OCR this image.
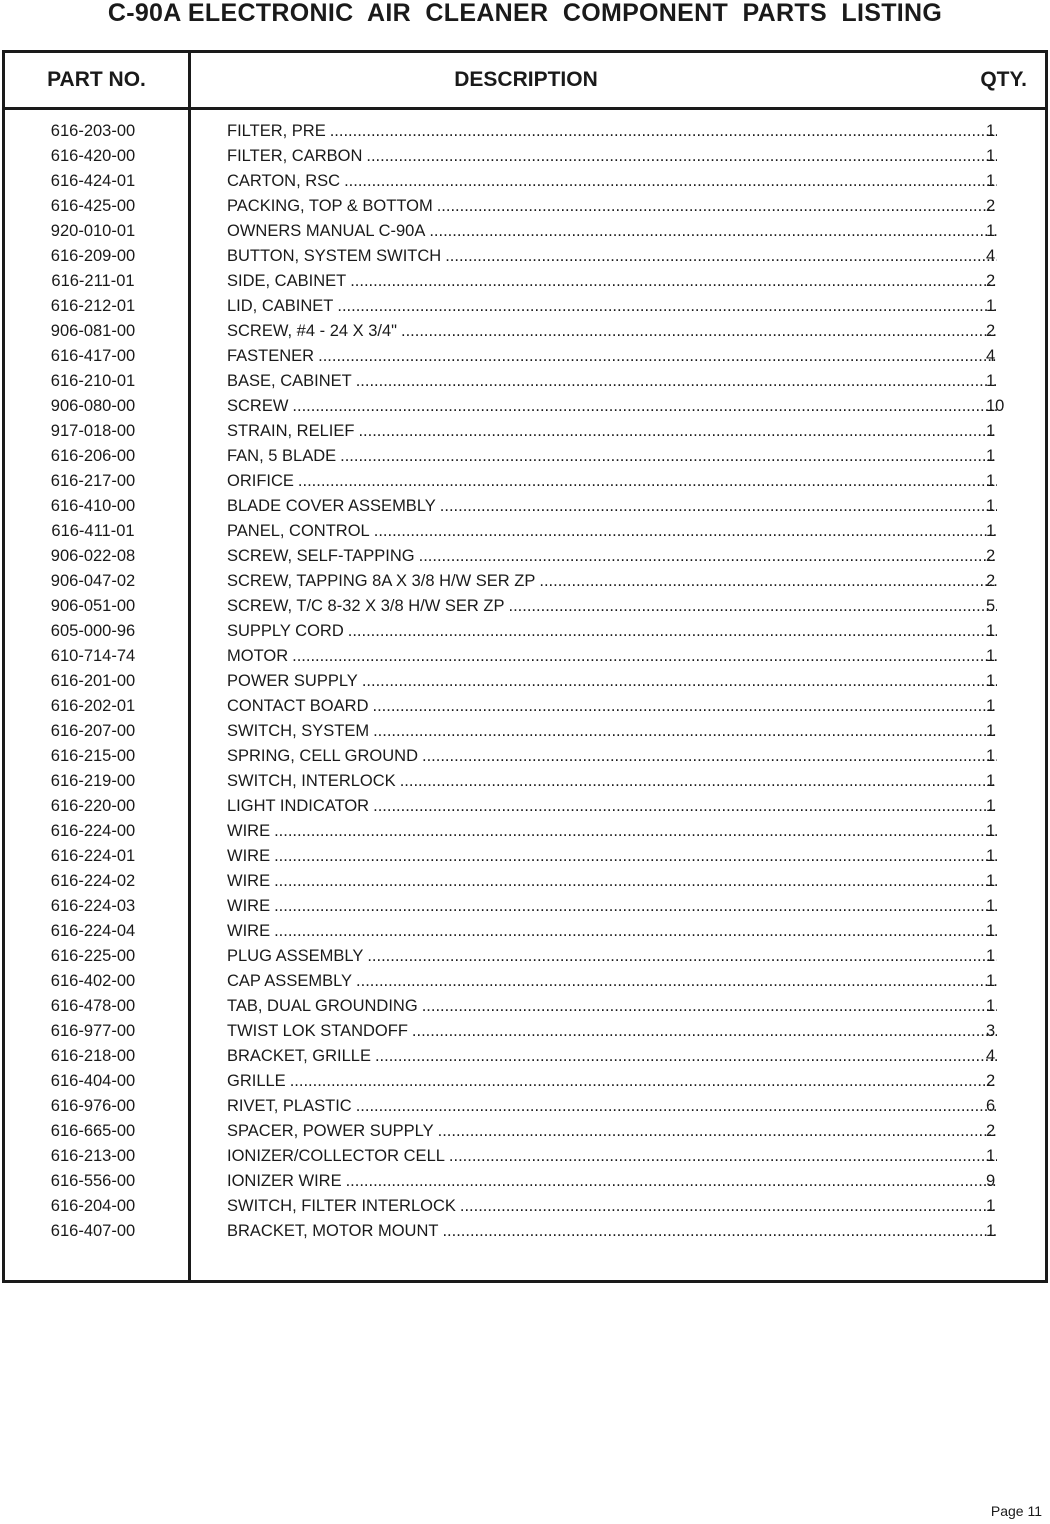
C-90A ELECTRONIC  AIR  CLEANER  COMPONENT  PARTS  LISTING
PART NO.	DESCRIPTION	QTY.
616-203-00	FILTER, PRE .....	1
616-420-00	FILTER, CARBON .....	1
616-424-01	CARTON, RSC .....	1
616-425-00	PACKING, TOP & BOTTOM .....	2
920-010-01	OWNERS MANUAL C-90A .....	1
616-209-00	BUTTON, SYSTEM SWITCH .....	4
616-211-01	SIDE, CABINET .....	2
616-212-01	LID, CABINET .....	1
906-081-00	SCREW, #4 - 24 X 3/4" .....	2
616-417-00	FASTENER .....	4
616-210-01	BASE, CABINET .....	1
906-080-00	SCREW .....	10
917-018-00	STRAIN, RELIEF .....	1
616-206-00	FAN, 5 BLADE .....	1
616-217-00	ORIFICE .....	1
616-410-00	BLADE COVER ASSEMBLY .....	1
616-411-01	PANEL, CONTROL .....	1
906-022-08	SCREW, SELF-TAPPING .....	2
906-047-02	SCREW, TAPPING 8A X 3/8 H/W SER ZP .....	2
906-051-00	SCREW, T/C 8-32 X 3/8 H/W SER ZP .....	5
605-000-96	SUPPLY CORD .....	1
610-714-74	MOTOR .....	1
616-201-00	POWER SUPPLY .....	1
616-202-01	CONTACT BOARD .....	1
616-207-00	SWITCH, SYSTEM .....	1
616-215-00	SPRING, CELL GROUND .....	1
616-219-00	SWITCH, INTERLOCK .....	1
616-220-00	LIGHT INDICATOR .....	1
616-224-00	WIRE .....	1
616-224-01	WIRE .....	1
616-224-02	WIRE .....	1
616-224-03	WIRE .....	1
616-224-04	WIRE .....	1
616-225-00	PLUG ASSEMBLY .....	1
616-402-00	CAP ASSEMBLY .....	1
616-478-00	TAB, DUAL GROUNDING .....	1
616-977-00	TWIST LOK STANDOFF .....	3
616-218-00	BRACKET, GRILLE .....	4
616-404-00	GRILLE .....	2
616-976-00	RIVET, PLASTIC .....	6
616-665-00	SPACER, POWER SUPPLY .....	2
616-213-00	IONIZER/COLLECTOR CELL .....	1
616-556-00	IONIZER WIRE .....	9
616-204-00	SWITCH, FILTER INTERLOCK .....	1
616-407-00	BRACKET, MOTOR MOUNT .....	1
Page 11
